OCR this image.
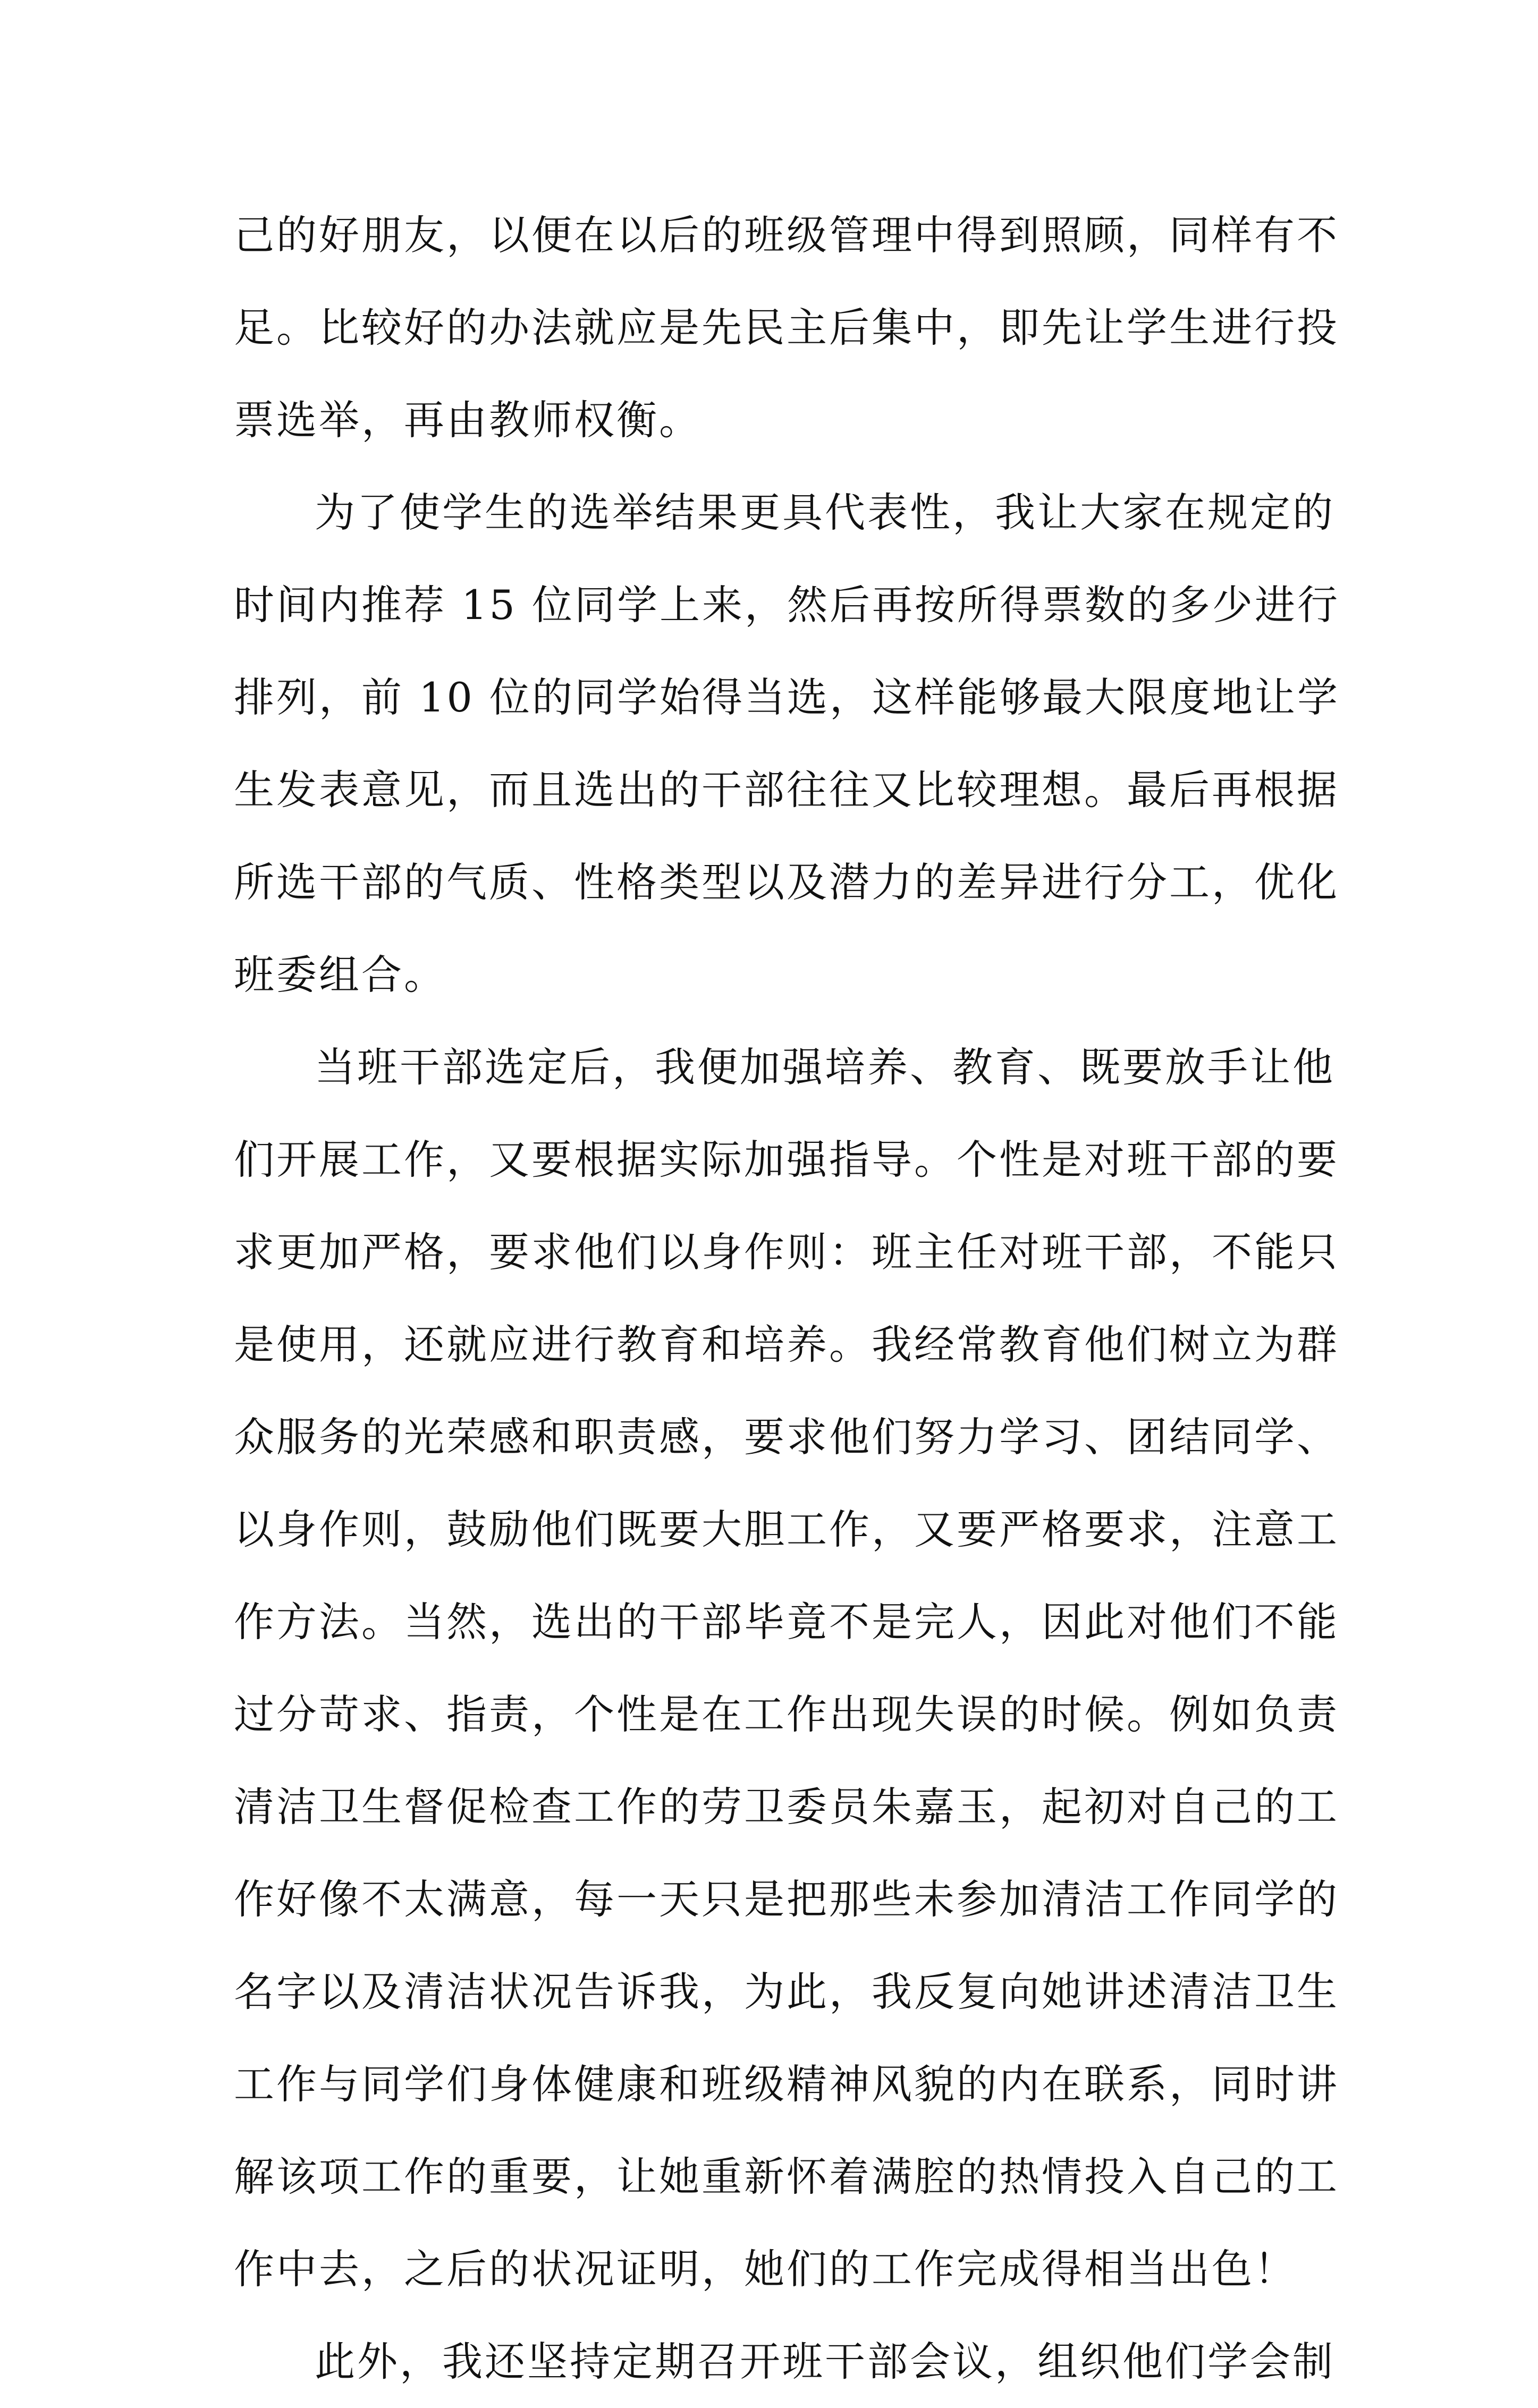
己的好朋友，以便在以后的班级管理中得到照顾，同样有不
足。比较好的办法就应是先民主后集中，即先让学生进行投
票选举，再由教师权衡。
为了使学生的选举结果更具代表性，我让大家在规定的
时间内推荐 15 位同学上来，然后再按所得票数的多少进行
排列，前 10 位的同学始得当选，这样能够最大限度地让学
生发表意见，而且选出的干部往往又比较理想。最后再根据
所选干部的气质、性格类型以及潜力的差异进行分工，优化
班委组合。
当班干部选定后，我便加强培养、教育、既要放手让他
们开展工作，又要根据实际加强指导。个性是对班干部的要
求更加严格，要求他们以身作则：班主任对班干部，不能只
是使用，还就应进行教育和培养。我经常教育他们树立为群
众服务的光荣感和职责感，要求他们努力学习、团结同学、
以身作则，鼓励他们既要大胆工作，又要严格要求，注意工
作方法。当然，选出的干部毕竟不是完人，因此对他们不能
过分苛求、指责，个性是在工作出现失误的时候。例如负责
清洁卫生督促检查工作的劳卫委员朱嘉玉，起初对自己的工
作好像不太满意，每一天只是把那些未参加清洁工作同学的
名字以及清洁状况告诉我，为此，我反复向她讲述清洁卫生
工作与同学们身体健康和班级精神风貌的内在联系，同时讲
解该项工作的重要，让她重新怀着满腔的热情投入自己的工
作中去，之后的状况证明，她们的工作完成得相当出色！
此外，我还坚持定期召开班干部会议，组织他们学会制
